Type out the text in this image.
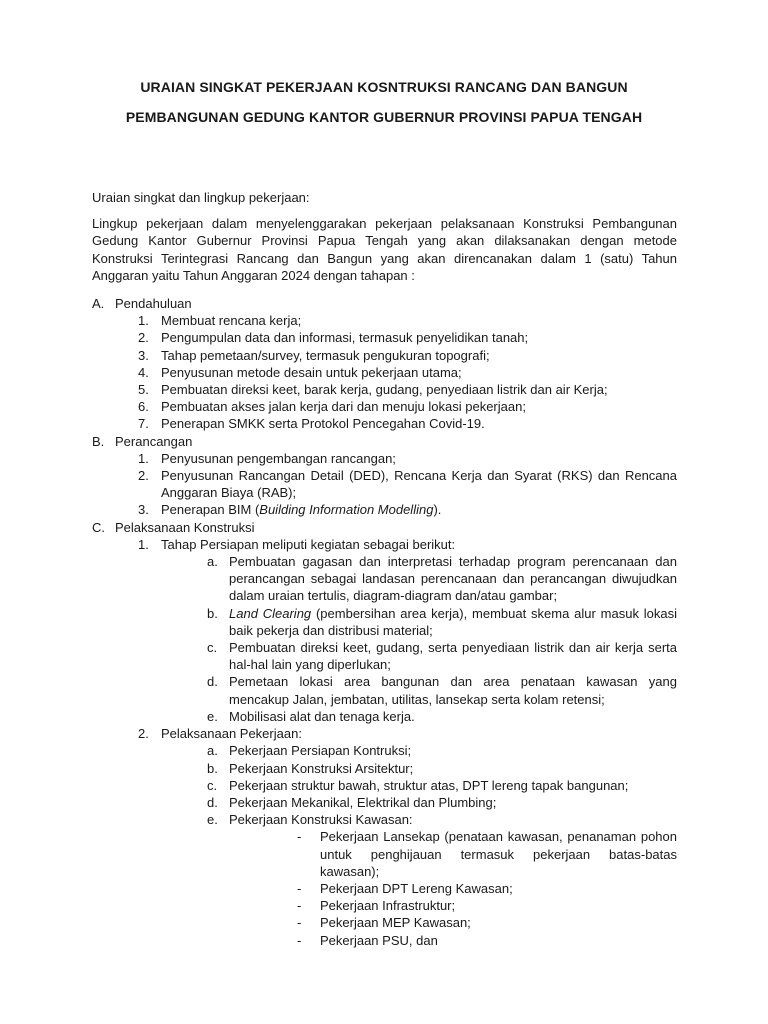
URAIAN SINGKAT PEKERJAAN KOSNTRUKSI RANCANG DAN BANGUN
PEMBANGUNAN GEDUNG KANTOR GUBERNUR PROVINSI PAPUA TENGAH

Uraian singkat dan lingkup pekerjaan:

Lingkup pekerjaan dalam menyelenggarakan pekerjaan pelaksanaan Konstruksi Pembangunan Gedung Kantor Gubernur Provinsi Papua Tengah yang akan dilaksanakan dengan metode Konstruksi Terintegrasi Rancang dan Bangun yang akan direncanakan dalam 1 (satu) Tahun Anggaran yaitu Tahun Anggaran 2024 dengan tahapan :

A. Pendahuluan
1. Membuat rencana kerja;
2. Pengumpulan data dan informasi, termasuk penyelidikan tanah;
3. Tahap pemetaan/survey, termasuk pengukuran topografi;
4. Penyusunan metode desain untuk pekerjaan utama;
5. Pembuatan direksi keet, barak kerja, gudang, penyediaan listrik dan air Kerja;
6. Pembuatan akses jalan kerja dari dan menuju lokasi pekerjaan;
7. Penerapan SMKK serta Protokol Pencegahan Covid-19.
B. Perancangan
1. Penyusunan pengembangan rancangan;
2. Penyusunan Rancangan Detail (DED), Rencana Kerja dan Syarat (RKS) dan Rencana Anggaran Biaya (RAB);
3. Penerapan BIM (Building Information Modelling).
C. Pelaksanaan Konstruksi
1. Tahap Persiapan meliputi kegiatan sebagai berikut:
a. Pembuatan gagasan dan interpretasi terhadap program perencanaan dan perancangan sebagai landasan perencanaan dan perancangan diwujudkan dalam uraian tertulis, diagram-diagram dan/atau gambar;
b. Land Clearing (pembersihan area kerja), membuat skema alur masuk lokasi baik pekerja dan distribusi material;
c. Pembuatan direksi keet, gudang, serta penyediaan listrik dan air kerja serta hal-hal lain yang diperlukan;
d. Pemetaan lokasi area bangunan dan area penataan kawasan yang mencakup Jalan, jembatan, utilitas, lansekap serta kolam retensi;
e. Mobilisasi alat dan tenaga kerja.
2. Pelaksanaan Pekerjaan:
a. Pekerjaan Persiapan Kontruksi;
b. Pekerjaan Konstruksi Arsitektur;
c. Pekerjaan struktur bawah, struktur atas, DPT lereng tapak bangunan;
d. Pekerjaan Mekanikal, Elektrikal dan Plumbing;
e. Pekerjaan Konstruksi Kawasan:
- Pekerjaan Lansekap (penataan kawasan, penanaman pohon untuk penghijauan termasuk pekerjaan batas-batas kawasan);
- Pekerjaan DPT Lereng Kawasan;
- Pekerjaan Infrastruktur;
- Pekerjaan MEP Kawasan;
- Pekerjaan PSU, dan
